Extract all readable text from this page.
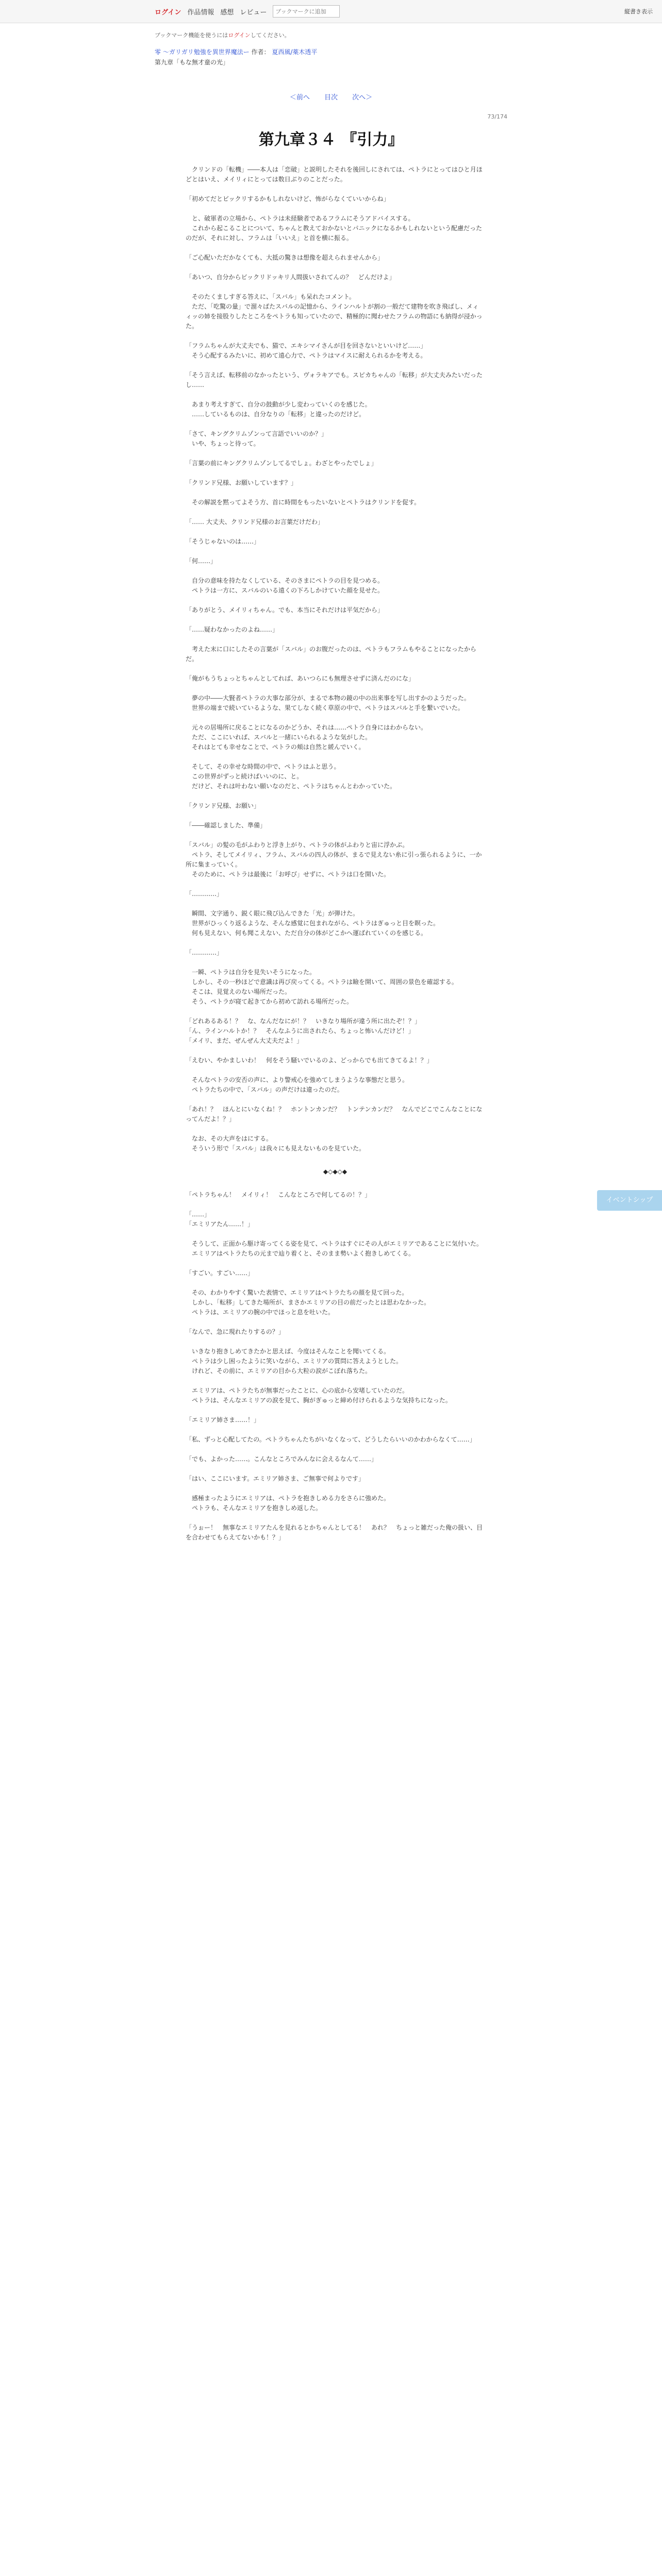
ログイン 作品情報 感想 レビュー
ブックマークに追加	縦書き表示
ブックマーク機能を使うにはログインしてください。
零 ～ガリガリ勉強を異世界魔法ー 作者： 夏西風/薬木透平
第九章「もな無才童の光」
＜前へ 目次 次へ＞
73/174
第九章３４ 『引力』

　クリンドの「転機」――本人は「恋破」と説明したそれを後回しにされては、ペトラにとってはひと月ほどとはいえ、メイリィにとっては数日ぶりのことだった。

「初めてだとビックリするかもしれないけど、怖がらなくていいからね」

　と、破軍者の立場から、ペトラは未経験者であるフラムにそうアドバイスする。
　これから起こることについて、ちゃんと教えておかないとパニックになるかもしれないという配慮だったのだが、それに対し、フラムは「いいえ」と首を横に振る。

「ご心配いただかなくても、大抵の驚きは想像を超えられませんから」

「あいつ、自分からビックリドッキリ人間扱いされてんの？　どんだけよ」

　そのたくましすぎる答えに、「スバル」も呆れたコメント。
　ただ、「吃驚の量」で溜々ばたスバルの記憶から、ラインハルトが割の一般だて建物を吹き飛ばし、メィィッの姉を接股りしたところをペトラも知っていたので、精極的に聞わせたフラムの物語にも納得が浸かった。

「フラムちゃんが大丈夫でも、猫で、エキシマイさんが目を回さないといいけど……」
　そう心配するみたいに、初めて遠心力で、ペトラはマイスに耐えられるかを考える。

「そう言えば、転移前のなかったという、ヴォラキアでも。スピカちゃんの「転移」が大丈夫みたいだったし……

　あまり考えすぎて、自分の鼓動が少し変わっていくのを感じた。
　……しているものは、自分なりの「転移」と違ったのだけど。

「さて、キングクリムゾンって言語でいいのか？」
　いや、ちょっと待って。

「言葉の前にキングクリムゾンしてるでしょ。わざとやったでしょ」

「クリンド兄様、お願いしています？」

　その解説を黙ってよそう方、首に時間をもったいないとペトラはクリンドを促す。

「…… 大丈夫、クリンド兄様のお言葉だけだわ」

「そうじゃないのは……」

「何……」

　自分の意味を持たなくしている、そのさまにペトラの目を見つめる。
　ペトラは一方に、スバルのいる遠くの下ろしかけていた顔を見せた。

「ありがとう、メイリィちゃん。でも、本当にそれだけは平気だから」

「……疑わなかったのよね……」

　考えた末に口にしたその言葉が「スバル」のお腹だったのは、ペトラもフラムもやることになったからだ。

「俺がもうちょっとちゃんとしてれば、あいつらにも無理させずに済んだのにな」

　夢の中――大賢者ペトラの大事な部分が、まるで本物の鏡の中の出来事を写し出すかのようだった。
　世界の端まで続いているような、果てしなく続く草原の中で、ペトラはスバルと手を繋いでいた。

　元々の居場所に戻ることになるのかどうか、それは……ペトラ自身にはわからない。
　ただ、ここにいれば、スバルと一緒にいられるような気がした。
　それはとても幸せなことで、ペトラの頬は自然と緩んでいく。

　そして、その幸せな時間の中で、ペトラはふと思う。
　この世界がずっと続けばいいのに、と。
　だけど、それは叶わない願いなのだと、ペトラはちゃんとわかっていた。

「クリンド兄様、お願い」

「――確認しました、準備」

「スバル」の髪の毛がふわりと浮き上がり、ペトラの体がふわりと宙に浮かぶ。
　ペトラ、そしてメイリィ、フラム、スバルの四人の体が、まるで見えない糸に引っ張られるように、一か所に集まっていく。
　そのために、ペトラは最後に「お呼び」せずに、ペトラは口を開いた。

「…………」

　瞬間、文字通り、鋭く眼に飛び込んできた「光」が弾けた。
　世界がひっくり返るような、そんな感覚に包まれながら、ペトラはぎゅっと目を瞑った。
　何も見えない、何も聞こえない、ただ自分の体がどこかへ運ばれていくのを感じる。

「…………」

　一瞬、ペトラは自分を見失いそうになった。
　しかし、その一秒ほどで意識は再び戻ってくる。ペトラは瞼を開いて、周囲の景色を確認する。
　そこは、見覚えのない場所だった。
　そう、ペトラが寝て起きてから初めて訪れる場所だった。

「どれあるある！？　な、なんだなにが！？　いきなり場所が違う所に出たぞ！？」
「ん、ラインハルトか！？　そんなふうに出されたら、ちょっと怖いんだけど！」
「メイリ、まだ、ぜんぜん大丈夫だよ！」

「えむい、やかましいわ！　何をそう騒いでいるのよ、どっからでも出てきてるよ！？」

　そんなペトラの安否の声に、より警戒心を強めてしまうような事態だと思う。
　ペトラたちの中で、「スバル」の声だけは違ったのだ。

「あれ！？　ほんとにいなくね！？　ホントンカンだ？　トンテンカンだ？　なんでどこでこんなことになってんだよ！？」

　なお、その大声をはにする。
　そういう形で「スバル」は我々にも見えないものを見ていた。

◆◇◆◇◆

「ペトラちゃん！　メイリィ！　こんなところで何してるの！？」

「……」
「エミリアたん……！」

　そうして、正面から駆け寄ってくる姿を見て、ペトラはすぐにその人がエミリアであることに気付いた。
　エミリアはペトラたちの元まで辿り着くと、そのまま勢いよく抱きしめてくる。

「すごい。すごい……」

　その、わかりやすく驚いた表情で、エミリアはペトラたちの顔を見て回った。
　しかし、「転移」してきた場所が、まさかエミリアの目の前だったとは思わなかった。
　ペトラは、エミリアの腕の中でほっと息を吐いた。

「なんで、急に現れたりするの？」

　いきなり抱きしめてきたかと思えば、今度はそんなことを聞いてくる。
　ペトラは少し困ったように笑いながら、エミリアの質問に答えようとした。
　けれど、その前に、エミリアの目から大粒の涙がこぼれ落ちた。

　エミリアは、ペトラたちが無事だったことに、心の底から安堵していたのだ。
　ペトラは、そんなエミリアの涙を見て、胸がぎゅっと締め付けられるような気持ちになった。

「エミリア姉さま……！」

「私、ずっと心配してたの。ペトラちゃんたちがいなくなって、どうしたらいいのかわからなくて……」

「でも、よかった……。こんなところでみんなに会えるなんて……」

「はい、ここにいます。エミリア姉さま、ご無事で何よりです」

　感極まったようにエミリアは、ペトラを抱きしめる力をさらに強めた。
　ペトラも、そんなエミリアを抱きしめ返した。

「うぉー！　無事なエミリアたんを見れるとかちゃんとしてる！　あれ？　ちょっと雑だった俺の扱い、目を合わせてもらえてないかも！？」

イベントシップ
